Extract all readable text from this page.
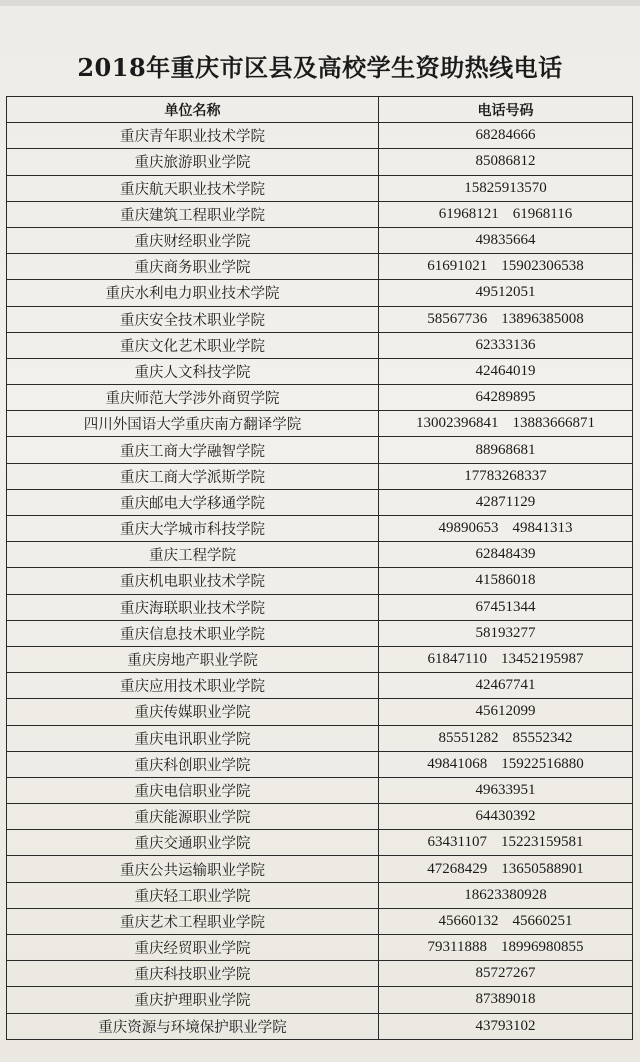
2018年重庆市区县及高校学生资助热线电话
单位名称	电话号码
重庆青年职业技术学院	68284666
重庆旅游职业学院	85086812
重庆航天职业技术学院	15825913570
重庆建筑工程职业学院	61968121 61968116
重庆财经职业学院	49835664
重庆商务职业学院	61691021 15902306538
重庆水利电力职业技术学院	49512051
重庆安全技术职业学院	58567736 13896385008
重庆文化艺术职业学院	62333136
重庆人文科技学院	42464019
重庆师范大学涉外商贸学院	64289895
四川外国语大学重庆南方翻译学院	13002396841 13883666871
重庆工商大学融智学院	88968681
重庆工商大学派斯学院	17783268337
重庆邮电大学移通学院	42871129
重庆大学城市科技学院	49890653 49841313
重庆工程学院	62848439
重庆机电职业技术学院	41586018
重庆海联职业技术学院	67451344
重庆信息技术职业学院	58193277
重庆房地产职业学院	61847110 13452195987
重庆应用技术职业学院	42467741
重庆传媒职业学院	45612099
重庆电讯职业学院	85551282 85552342
重庆科创职业学院	49841068 15922516880
重庆电信职业学院	49633951
重庆能源职业学院	64430392
重庆交通职业学院	63431107 15223159581
重庆公共运输职业学院	47268429 13650588901
重庆轻工职业学院	18623380928
重庆艺术工程职业学院	45660132 45660251
重庆经贸职业学院	79311888 18996980855
重庆科技职业学院	85727267
重庆护理职业学院	87389018
重庆资源与环境保护职业学院	43793102
